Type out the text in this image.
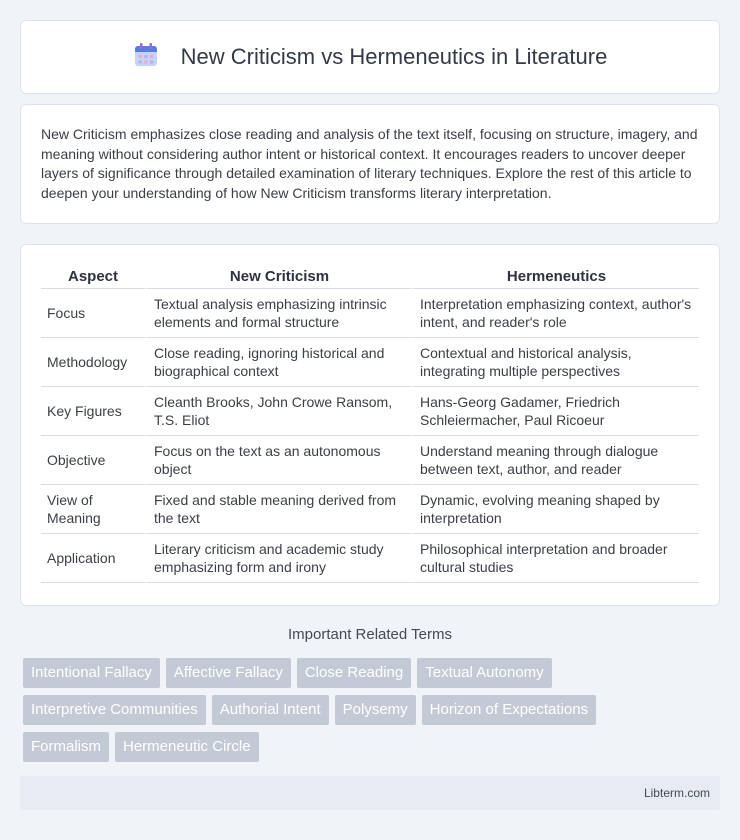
New Criticism vs Hermeneutics in Literature

New Criticism emphasizes close reading and analysis of the text itself, focusing on structure, imagery, and meaning without considering author intent or historical context. It encourages readers to uncover deeper layers of significance through detailed examination of literary techniques. Explore the rest of this article to deepen your understanding of how New Criticism transforms literary interpretation.

Aspect	New Criticism	Hermeneutics
Focus	Textual analysis emphasizing intrinsic elements and formal structure	Interpretation emphasizing context, author's intent, and reader's role
Methodology	Close reading, ignoring historical and biographical context	Contextual and historical analysis, integrating multiple perspectives
Key Figures	Cleanth Brooks, John Crowe Ransom, T.S. Eliot	Hans-Georg Gadamer, Friedrich Schleiermacher, Paul Ricoeur
Objective	Focus on the text as an autonomous object	Understand meaning through dialogue between text, author, and reader
View of Meaning	Fixed and stable meaning derived from the text	Dynamic, evolving meaning shaped by interpretation
Application	Literary criticism and academic study emphasizing form and irony	Philosophical interpretation and broader cultural studies
Important Related Terms
Intentional Fallacy	Affective Fallacy	Close Reading	Textual Autonomy
Interpretive Communities	Authorial Intent	Polysemy	Horizon of Expectations
Formalism	Hermeneutic Circle
Libterm.com
